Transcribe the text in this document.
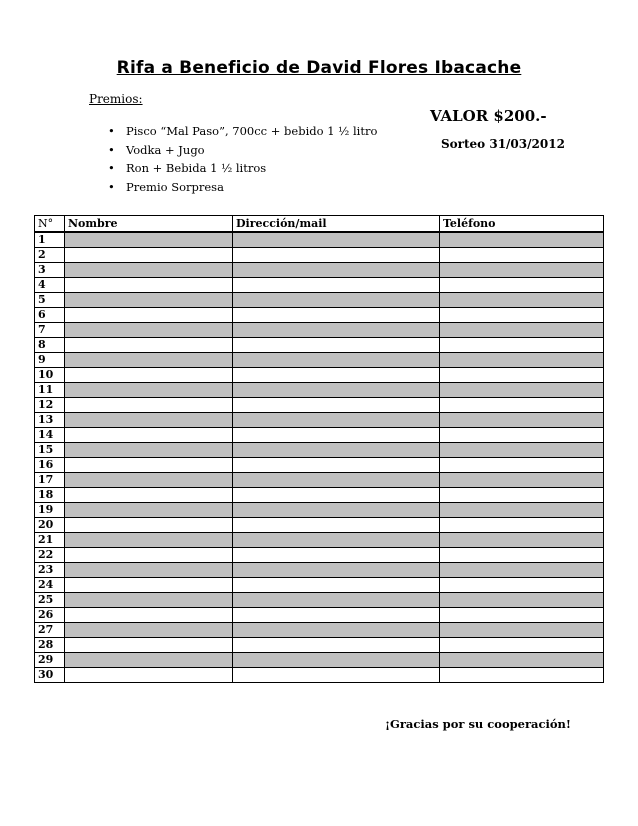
Rifa a Beneficio de David Flores Ibacache
Premios:
VALOR $200.-
Sorteo 31/03/2012
• Pisco “Mal Paso”, 700cc + bebido 1 ½ litro
• Vodka + Jugo
• Ron + Bebida 1 ½ litros
• Premio Sorpresa
N°	Nombre	Dirección/mail	Teléfono
1			
2			
3			
4			
5			
6			
7			
8			
9			
10			
11			
12			
13			
14			
15			
16			
17			
18			
19			
20			
21			
22			
23			
24			
25			
26			
27			
28			
29			
30			
¡Gracias por su cooperación!
